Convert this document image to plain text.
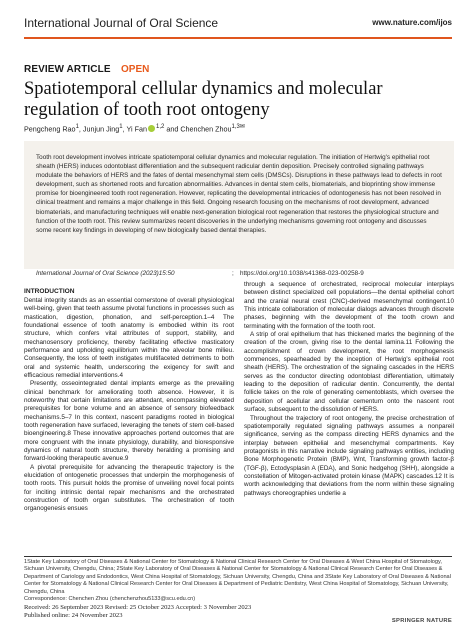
International Journal of Oral Science	www.nature.com/ijos
REVIEW ARTICLE OPEN
Spatiotemporal cellular dynamics and molecular regulation of tooth root ontogeny
Pengcheng Rao$^1$, Junjun Jing$^1$, Yi Fan $^{1,2}$ and Chenchen Zhou$^{1,3✉}$
Tooth root development involves intricate spatiotemporal cellular dynamics and molecular regulation. The initiation of Hertwig's epithelial root sheath (HERS) induces odontoblast differentiation and the subsequent radicular dentin deposition. Precisely controlled signaling pathways modulate the behaviors of HERS and the fates of dental mesenchymal stem cells (DMSCs). Disruptions in these pathways lead to defects in root development, such as shortened roots and furcation abnormalities. Advances in dental stem cells, biomaterials, and bioprinting show immense promise for bioengineered tooth root regeneration. However, replicating the developmental intricacies of odontogenesis has not been resolved in clinical treatment and remains a major challenge in this field. Ongoing research focusing on the mechanisms of root development, advanced biomaterials, and manufacturing techniques will enable next-generation biological root regeneration that restores the physiological structure and function of the tooth root. This review summarizes recent discoveries in the underlying mechanisms governing root ontogeny and discusses some recent key findings in developing of new biologically based dental therapies.
International Journal of Oral Science (2023)15:50	; https://doi.org/10.1038/s41368-023-00258-9
INTRODUCTION

Dental integrity stands as an essential cornerstone of overall physiological well-being, given that teeth assume pivotal functions in processes such as mastication, digestion, phonation, and self-perception.1–4 The foundational essence of tooth anatomy is embodied within its root structure, which confers vital attributes of support, stability, and mechanosensory proficiency, thereby facilitating effective masticatory performance and upholding equilibrium within the alveolar bone milieu. Consequently, the loss of teeth instigates multifaceted detriments to both oral and systemic health, underscoring the exigency for swift and efficacious remedial interventions.4

Presently, osseointegrated dental implants emerge as the prevailing clinical benchmark for ameliorating tooth absence. However, it is noteworthy that certain limitations are attendant, encompassing elevated prerequisites for bone volume and an absence of sensory biofeedback mechanisms.5–7 In this context, nascent paradigms rooted in biological tooth regeneration have surfaced, leveraging the tenets of stem cell-based bioengineering.8 These innovative approaches portend outcomes that are more congruent with the innate physiology, durability, and bioresponsive dynamics of natural tooth structure, thereby heralding a promising and forward-looking therapeutic avenue.9

A pivotal prerequisite for advancing the therapeutic trajectory is the elucidation of ontogenetic processes that underpin the morphogenesis of tooth roots. This pursuit holds the promise of unveiling novel focal points for inciting intrinsic dental repair mechanisms and the orchestrated construction of tooth organ substitutes. The orchestration of tooth organogenesis ensues

through a sequence of orchestrated, reciprocal molecular interplays between distinct specialized cell populations—the dental epithelial cohort and the cranial neural crest (CNC)-derived mesenchymal contingent.10 This intricate collaboration of molecular dialogs advances through discrete phases, beginning with the development of the tooth crown and terminating with the formation of the tooth root.

A strip of oral epithelium that has thickened marks the beginning of the creation of the crown, giving rise to the dental lamina.11 Following the accomplishment of crown development, the root morphogenesis commences, spearheaded by the inception of Hertwig's epithelial root sheath (HERS). The orchestration of the signaling cascades in the HERS serves as the conductor directing odontoblast differentiation, ultimately leading to the deposition of radicular dentin. Concurrently, the dental follicle takes on the role of generating cementoblasts, which oversee the deposition of acellular and cellular cementum onto the nascent root surface, subsequent to the dissolution of HERS.

Throughout the trajectory of root ontogeny, the precise orchestration of spatiotemporally regulated signaling pathways assumes a nonpareil significance, serving as the compass directing HERS dynamics and the interplay between epithelial and mesenchymal compartments. Key protagonists in this narrative include signaling pathways entities, including Bone Morphogenetic Protein (BMP), Wnt, Transforming growth factor-β (TGF-β), Ectodysplasin A (EDA), and Sonic hedgehog (SHH), alongside a constellation of Mitogen-activated protein kinase (MAPK) cascades.12 It is worth acknowledging that deviations from the norm within these signaling pathways choreographies underlie a

1State Key Laboratory of Oral Diseases & National Center for Stomatology & National Clinical Research Center for Oral Diseases & West China Hospital of Stomatology, Sichuan University, Chengdu, China; 2State Key Laboratory of Oral Diseases & National Center for Stomatology & National Clinical Research Center for Oral Diseases & Department of Cariology and Endodontics, West China Hospital of Stomatology, Sichuan University, Chengdu, China and 3State Key Laboratory of Oral Diseases & National Center for Stomatology & National Clinical Research Center for Oral Diseases & Department of Pediatric Dentistry, West China Hospital of Stomatology, Sichuan University, Chengdu, China
Correspondence: Chenchen Zhou (chenchenzhou5133@scu.edu.cn)
Received: 26 September 2023 Revised: 25 October 2023 Accepted: 3 November 2023
Published online: 24 November 2023
SPRINGER NATURE
